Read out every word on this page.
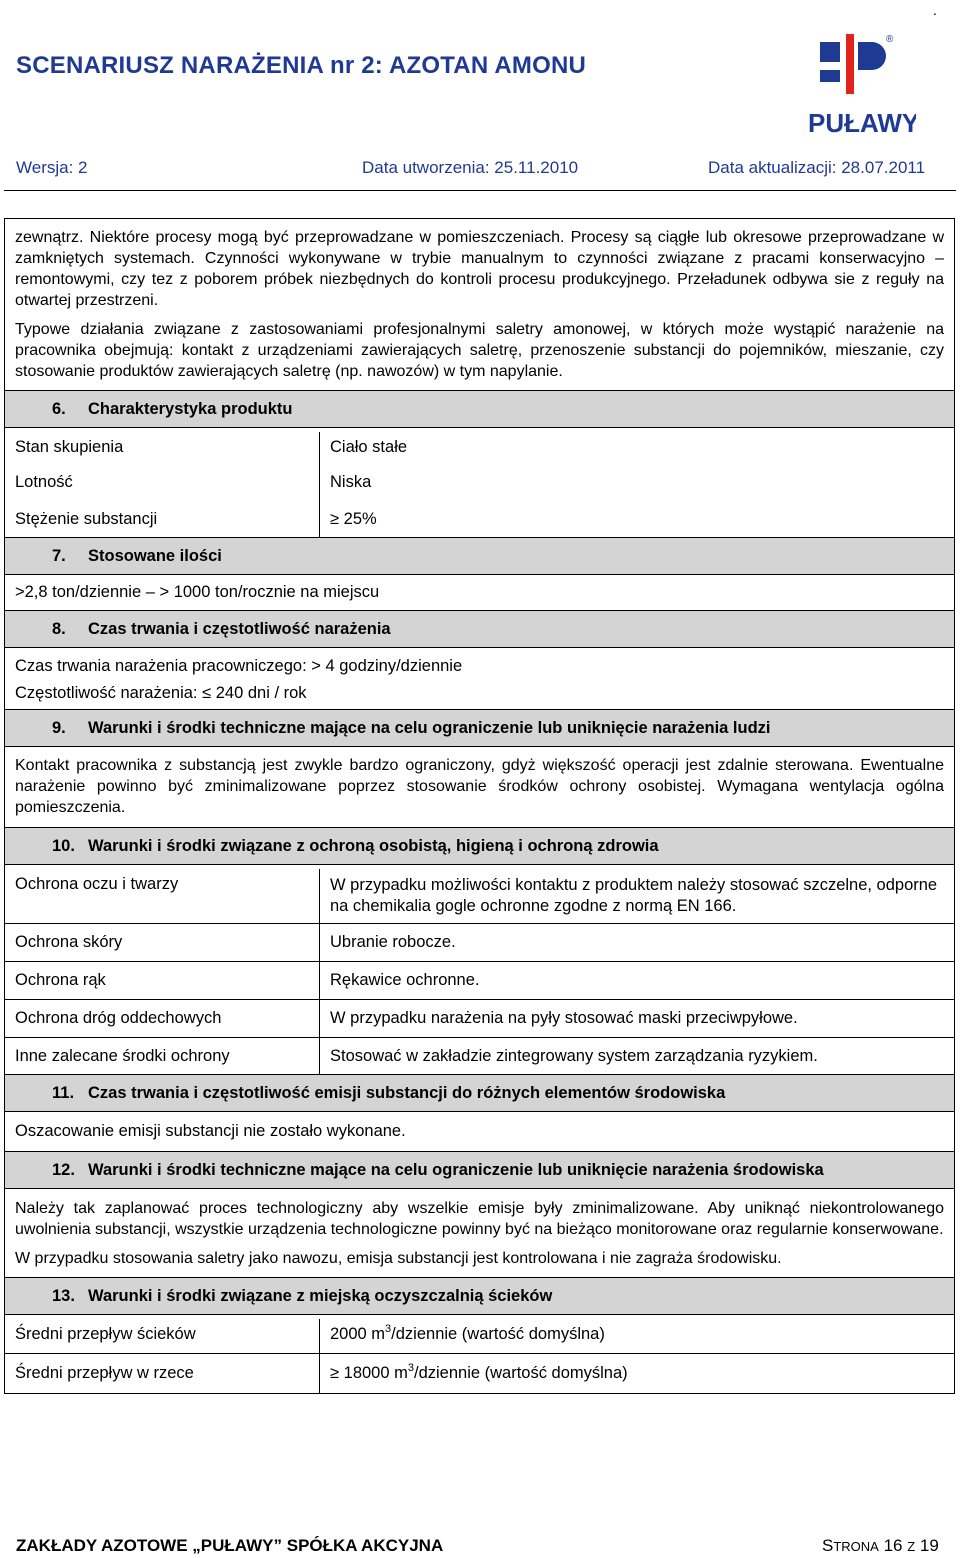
.
SCENARIUSZ NARAŻENIA nr 2: AZOTAN AMONU
®
PUŁAWY
Wersja: 2	Data utworzenia: 25.11.2010	Data aktualizacji: 28.07.2011
zewnątrz. Niektóre procesy mogą być przeprowadzane w pomieszczeniach. Procesy są ciągłe lub okresowe przeprowadzane w zamkniętych systemach. Czynności wykonywane w trybie manualnym to czynności związane z pracami konserwacyjno – remontowymi, czy tez z poborem próbek niezbędnych do kontroli procesu produkcyjnego. Przeładunek odbywa sie z reguły na otwartej przestrzeni.
Typowe działania związane z zastosowaniami profesjonalnymi saletry amonowej, w których może wystąpić narażenie na pracownika obejmują: kontakt z urządzeniami zawierających saletrę, przenoszenie substancji do pojemników, mieszanie, czy stosowanie produktów zawierających saletrę (np. nawozów) w tym napylanie.
6. Charakterystyka produktu
Stan skupienia	Ciało stałe
Lotność	Niska
Stężenie substancji	≥ 25%
7. Stosowane ilości
>2,8 ton/dziennie – > 1000 ton/rocznie na miejscu
8. Czas trwania i częstotliwość narażenia
Czas trwania narażenia pracowniczego: > 4 godziny/dziennie
Częstotliwość narażenia: ≤ 240 dni / rok
9. Warunki i środki techniczne mające na celu ograniczenie lub uniknięcie narażenia ludzi
Kontakt pracownika z substancją jest zwykle bardzo ograniczony, gdyż większość operacji jest zdalnie sterowana. Ewentualne narażenie powinno być zminimalizowane poprzez stosowanie środków ochrony osobistej. Wymagana wentylacja ogólna pomieszczenia.
10. Warunki i środki związane z ochroną osobistą, higieną i ochroną zdrowia
Ochrona oczu i twarzy	W przypadku możliwości kontaktu z produktem należy stosować szczelne, odporne na chemikalia gogle ochronne zgodne z normą EN 166.
Ochrona skóry	Ubranie robocze.
Ochrona rąk	Rękawice ochronne.
Ochrona dróg oddechowych	W przypadku narażenia na pyły stosować maski przeciwpyłowe.
Inne zalecane środki ochrony	Stosować w zakładzie zintegrowany system zarządzania ryzykiem.
11. Czas trwania i częstotliwość emisji substancji do różnych elementów środowiska
Oszacowanie emisji substancji nie zostało wykonane.
12. Warunki i środki techniczne mające na celu ograniczenie lub uniknięcie narażenia środowiska
Należy tak zaplanować proces technologiczny aby wszelkie emisje były zminimalizowane. Aby uniknąć niekontrolowanego uwolnienia substancji, wszystkie urządzenia technologiczne powinny być na bieżąco monitorowane oraz regularnie konserwowane.
W przypadku stosowania saletry jako nawozu, emisja substancji jest kontrolowana i nie zagraża środowisku.
13. Warunki i środki związane z miejską oczyszczalnią ścieków
Średni przepływ ścieków	2000 $m^3$/dziennie (wartość domyślna)
Średni przepływ w rzece	≥ 18000 $m^3$/dziennie (wartość domyślna)
ZAKŁADY AZOTOWE „PUŁAWY” SPÓŁKA AKCYJNA	STRONA 16 Z 19
